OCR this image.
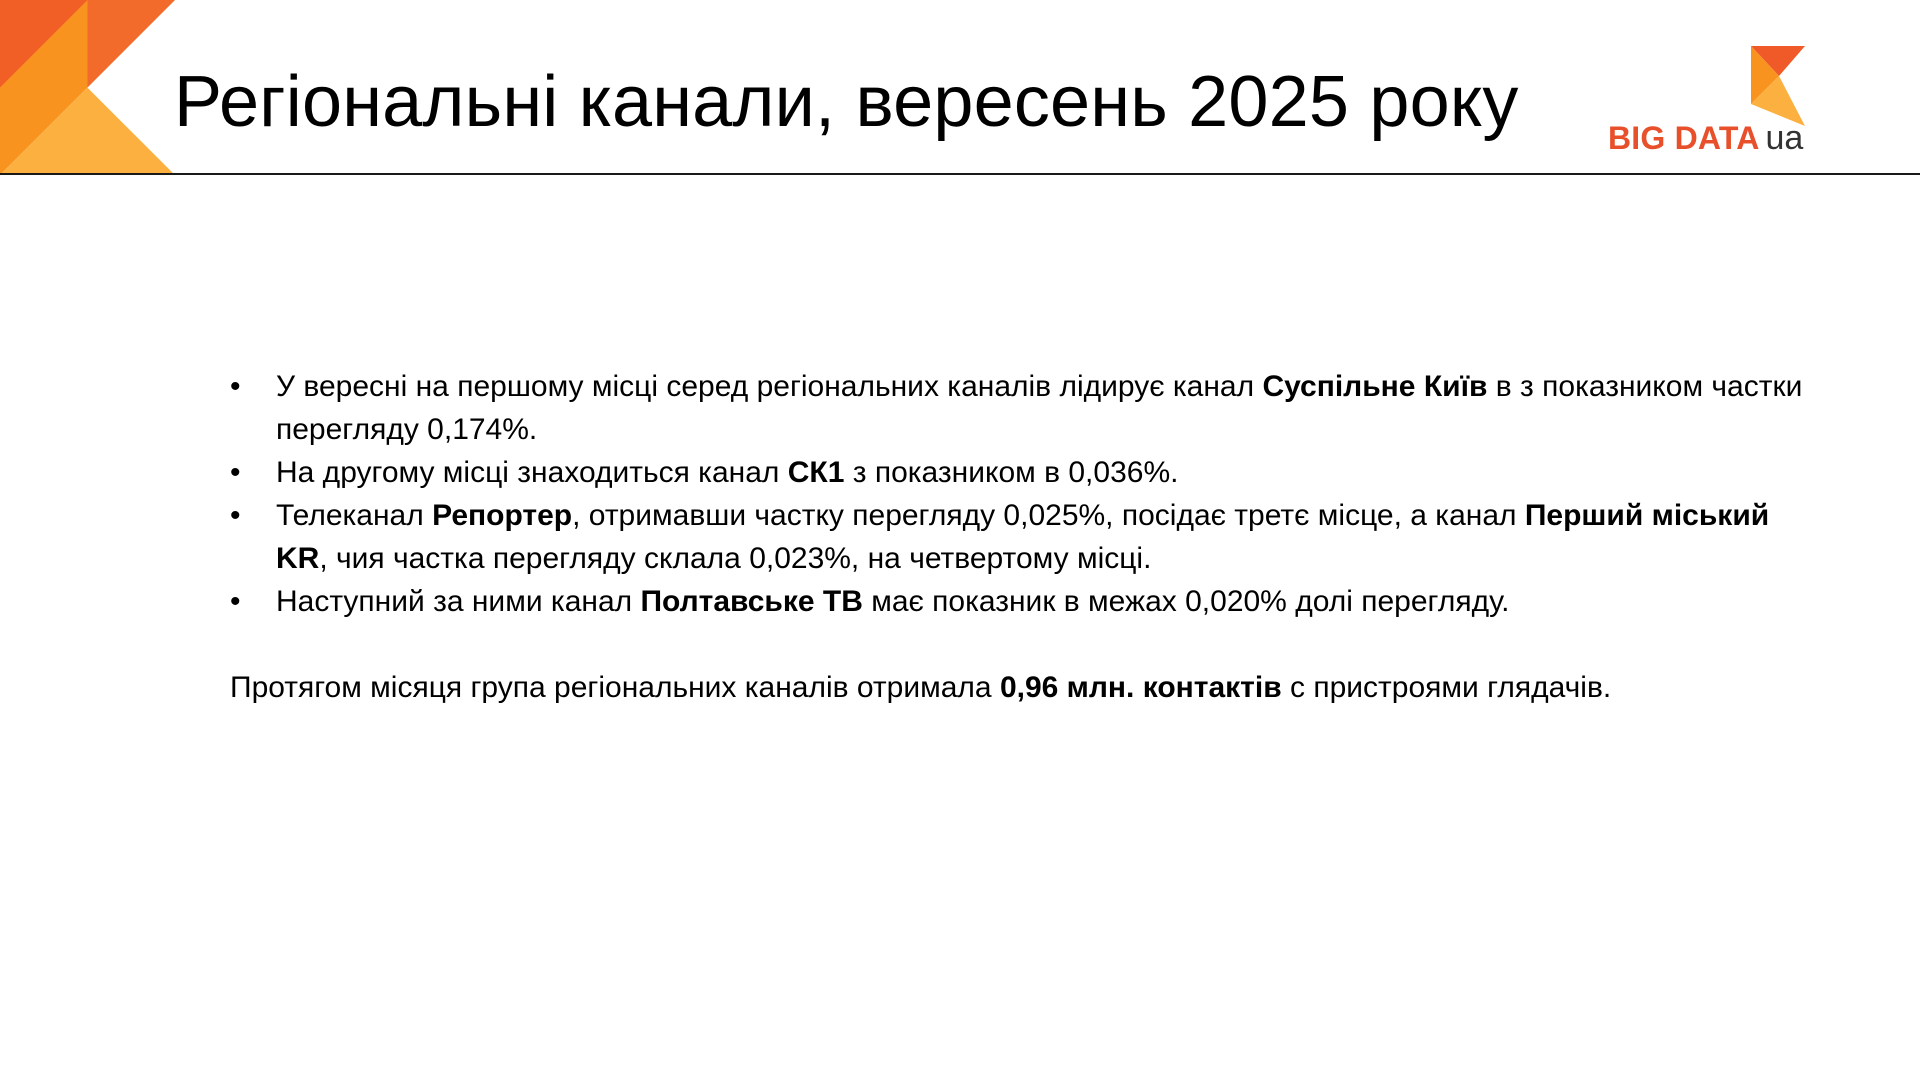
Регіональні канали, вересень 2025 року	BIG DATA ua
• У вересні на першому місці серед регіональних каналів лідирує канал Суспільне Київ в з показником частки перегляду 0,174%.
• На другому місці знаходиться канал СК1 з показником в 0,036%.
• Телеканал Репортер, отримавши частку перегляду 0,025%, посідає третє місце, а канал Перший міський KR, чия частка перегляду склала 0,023%, на четвертому місці.
• Наступний за ними канал Полтавське ТВ має показник в межах 0,020% долі перегляду.

Протягом місяця група регіональних каналів отримала 0,96 млн. контактів с пристроями глядачів.
